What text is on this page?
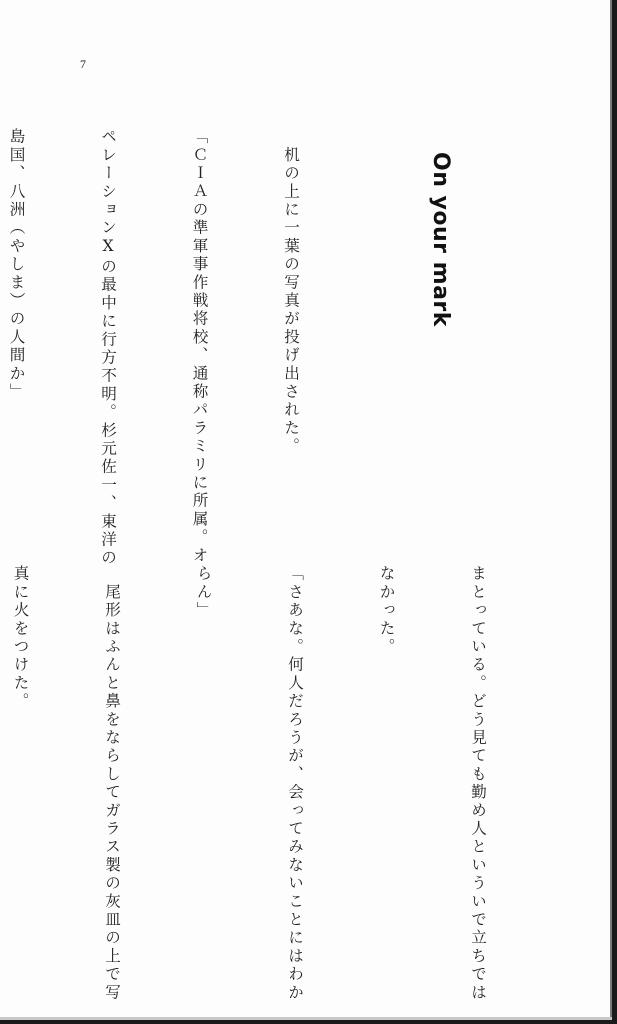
7
On your mark

　机の上に一葉の写真が投げ出された。

「ＣＩＡの準軍事作戦将校、通称パラミリに所属。オ

ペレーションⅩの最中に行方不明。杉元佐一、東洋の

島国、八洲（やしま）の人間か」

まとっている。どう見ても勤め人といういで立ちでは

なかった。

「さあな。何人だろうが、会ってみないことにはわか

らん」

　尾形はふんと鼻をならしてガラス製の灰皿の上で写

真に火をつけた。
